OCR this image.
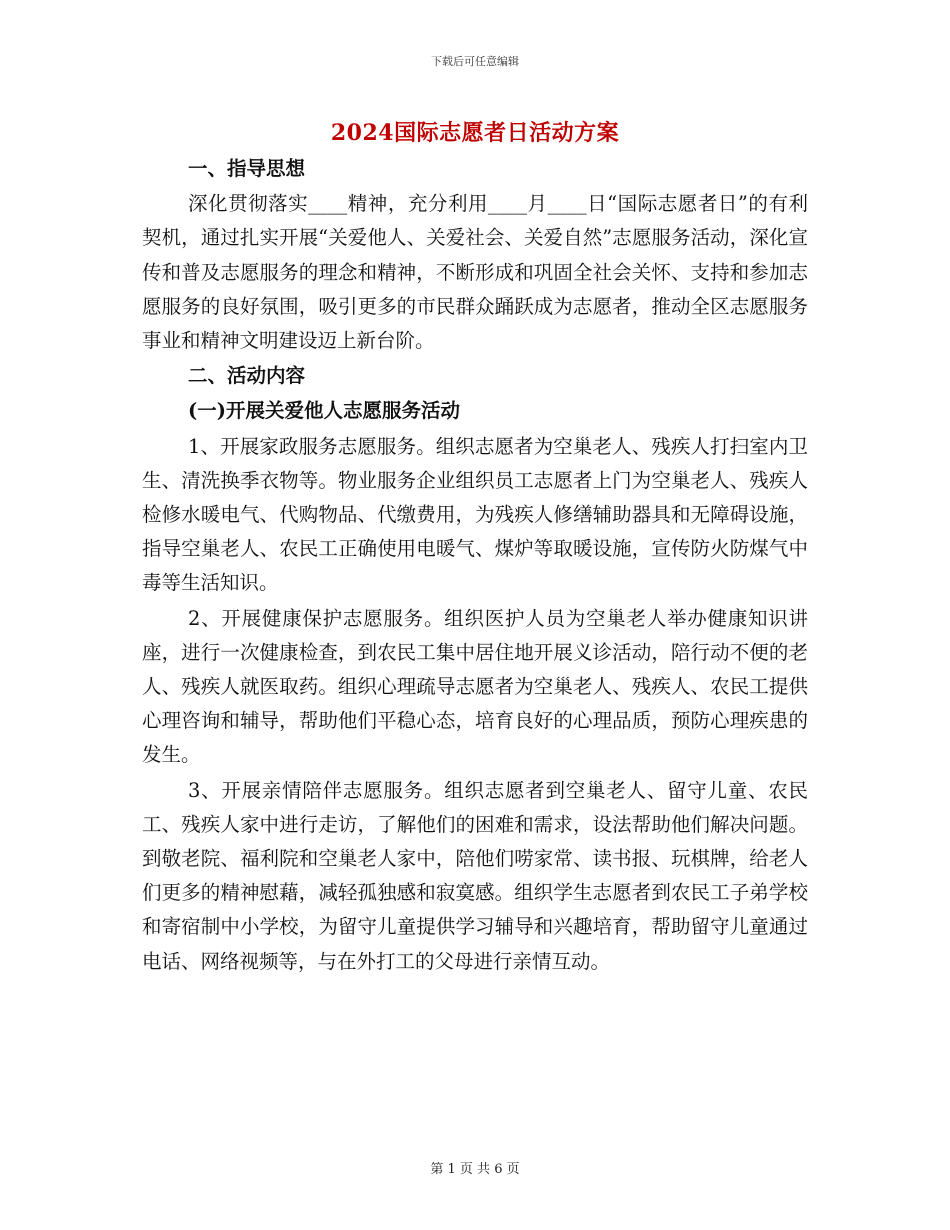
下载后可任意编辑
2024国际志愿者日活动方案
一、指导思想
深化贯彻落实____精神，充分利用____月____日“国际志愿者日”的有利契机，通过扎实开展“关爱他人、关爱社会、关爱自然”志愿服务活动，深化宣传和普及志愿服务的理念和精神，不断形成和巩固全社会关怀、支持和参加志愿服务的良好氛围，吸引更多的市民群众踊跃成为志愿者，推动全区志愿服务事业和精神文明建设迈上新台阶。
二、活动内容
(一)开展关爱他人志愿服务活动
1、开展家政服务志愿服务。组织志愿者为空巢老人、残疾人打扫室内卫生、清洗换季衣物等。物业服务企业组织员工志愿者上门为空巢老人、残疾人检修水暖电气、代购物品、代缴费用，为残疾人修缮辅助器具和无障碍设施，指导空巢老人、农民工正确使用电暖气、煤炉等取暖设施，宣传防火防煤气中毒等生活知识。
2、开展健康保护志愿服务。组织医护人员为空巢老人举办健康知识讲座，进行一次健康检查，到农民工集中居住地开展义诊活动，陪行动不便的老人、残疾人就医取药。组织心理疏导志愿者为空巢老人、残疾人、农民工提供心理咨询和辅导，帮助他们平稳心态，培育良好的心理品质，预防心理疾患的发生。
3、开展亲情陪伴志愿服务。组织志愿者到空巢老人、留守儿童、农民工、残疾人家中进行走访，了解他们的困难和需求，设法帮助他们解决问题。到敬老院、福利院和空巢老人家中，陪他们唠家常、读书报、玩棋牌，给老人们更多的精神慰藉，减轻孤独感和寂寞感。组织学生志愿者到农民工子弟学校和寄宿制中小学校，为留守儿童提供学习辅导和兴趣培育，帮助留守儿童通过电话、网络视频等，与在外打工的父母进行亲情互动。
第 1 页 共 6 页
